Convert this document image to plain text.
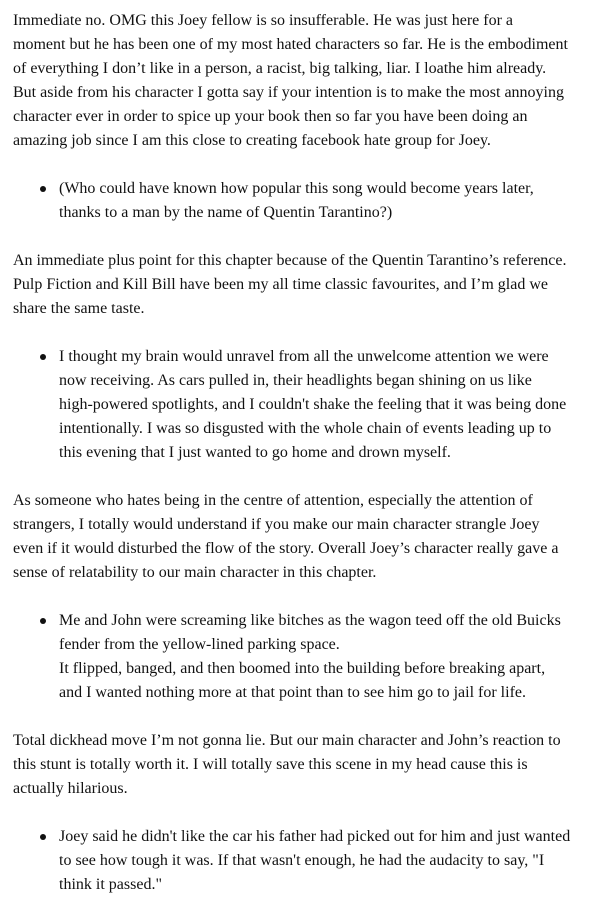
Immediate no. OMG this Joey fellow is so insufferable. He was just here for a
moment but he has been one of my most hated characters so far. He is the embodiment
of everything I don’t like in a person, a racist, big talking, liar. I loathe him already.
But aside from his character I gotta say if your intention is to make the most annoying
character ever in order to spice up your book then so far you have been doing an
amazing job since I am this close to creating facebook hate group for Joey.

(Who could have known how popular this song would become years later,
thanks to a man by the name of Quentin Tarantino?)

An immediate plus point for this chapter because of the Quentin Tarantino’s reference.
Pulp Fiction and Kill Bill have been my all time classic favourites, and I’m glad we
share the same taste.

I thought my brain would unravel from all the unwelcome attention we were
now receiving. As cars pulled in, their headlights began shining on us like
high-powered spotlights, and I couldn't shake the feeling that it was being done
intentionally. I was so disgusted with the whole chain of events leading up to
this evening that I just wanted to go home and drown myself.

As someone who hates being in the centre of attention, especially the attention of
strangers, I totally would understand if you make our main character strangle Joey
even if it would disturbed the flow of the story. Overall Joey’s character really gave a
sense of relatability to our main character in this chapter.

Me and John were screaming like bitches as the wagon teed off the old Buicks
fender from the yellow-lined parking space.
It flipped, banged, and then boomed into the building before breaking apart,
and I wanted nothing more at that point than to see him go to jail for life.

Total dickhead move I’m not gonna lie. But our main character and John’s reaction to
this stunt is totally worth it. I will totally save this scene in my head cause this is
actually hilarious.

Joey said he didn't like the car his father had picked out for him and just wanted
to see how tough it was. If that wasn't enough, he had the audacity to say, "I
think it passed."
